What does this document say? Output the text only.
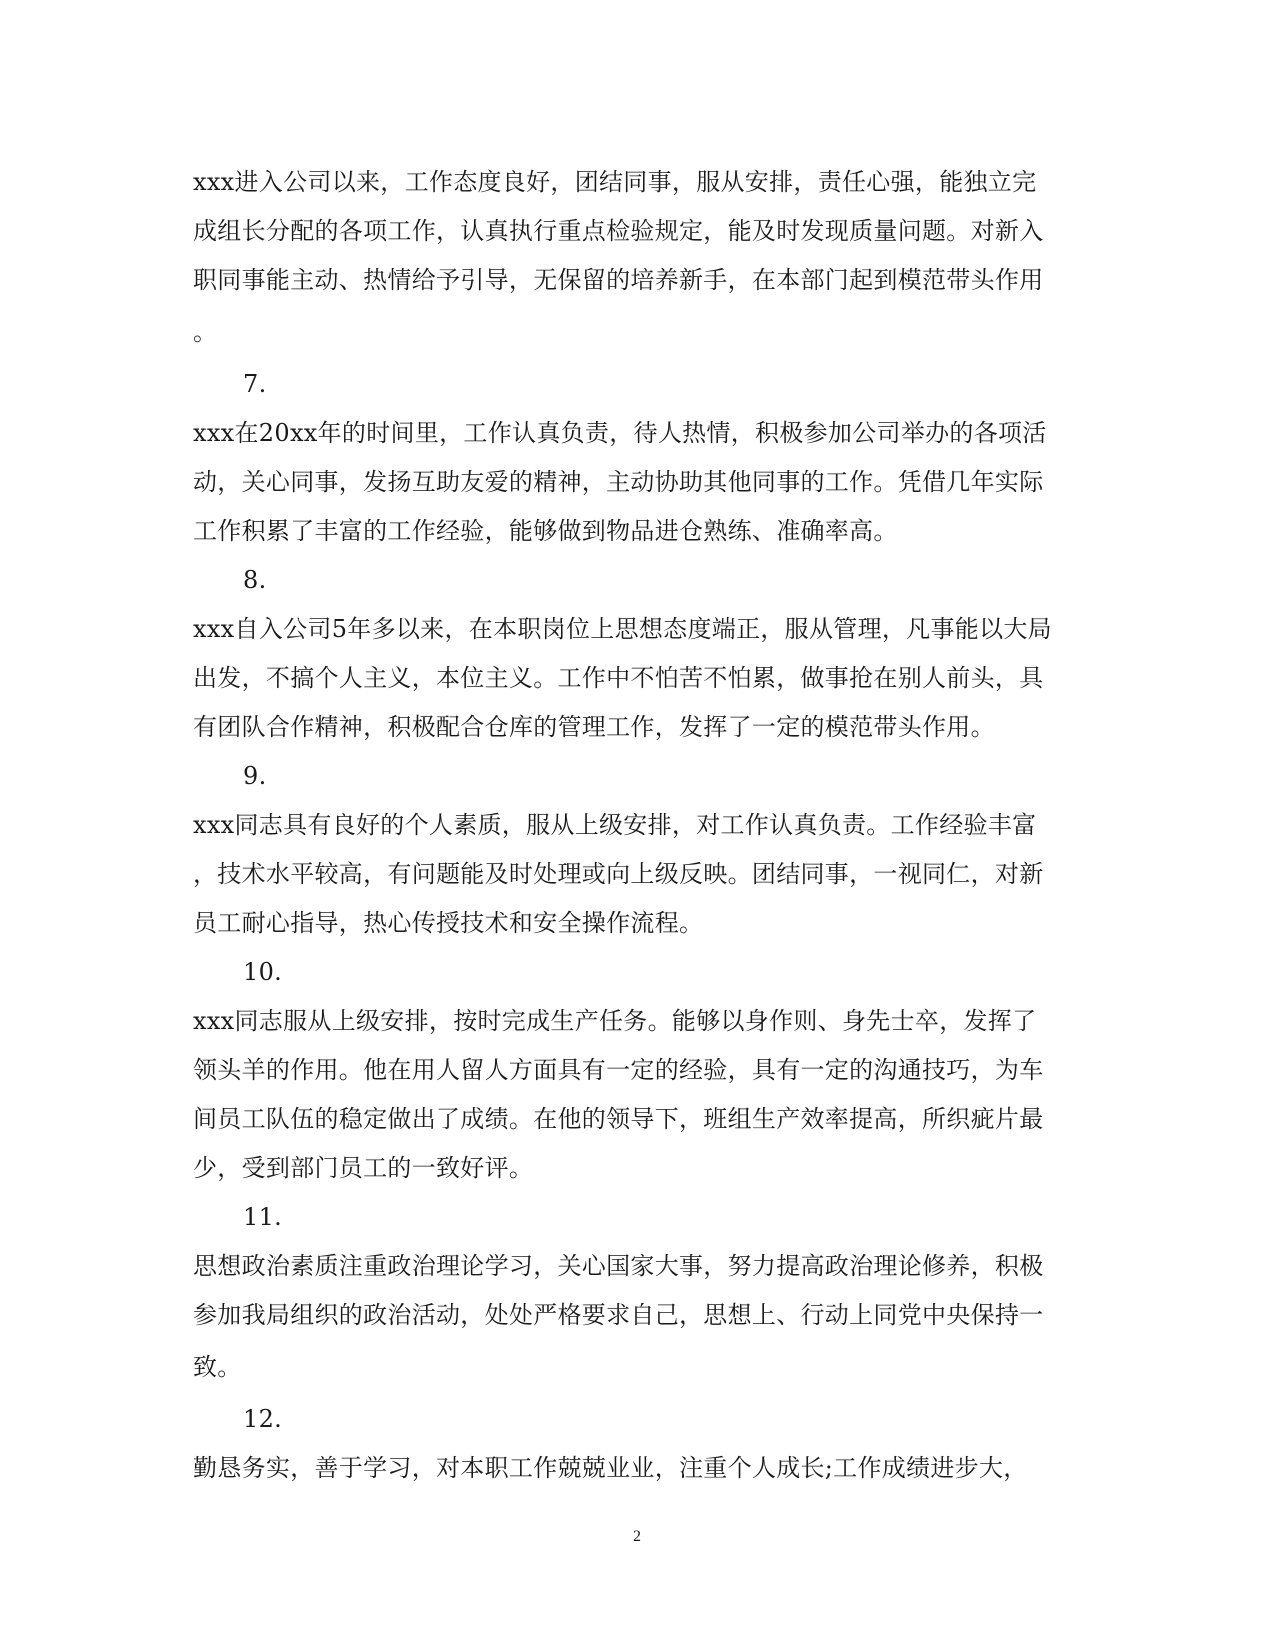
xxx进入公司以来，工作态度良好，团结同事，服从安排，责任心强，能独立完
成组长分配的各项工作，认真执行重点检验规定，能及时发现质量问题。对新入
职同事能主动、热情给予引导，无保留的培养新手，在本部门起到模范带头作用
。
7.
xxx在20xx年的时间里，工作认真负责，待人热情，积极参加公司举办的各项活
动，关心同事，发扬互助友爱的精神，主动协助其他同事的工作。凭借几年实际
工作积累了丰富的工作经验，能够做到物品进仓熟练、准确率高。
8.
xxx自入公司5年多以来，在本职岗位上思想态度端正，服从管理，凡事能以大局
出发，不搞个人主义，本位主义。工作中不怕苦不怕累，做事抢在别人前头，具
有团队合作精神，积极配合仓库的管理工作，发挥了一定的模范带头作用。
9.
xxx同志具有良好的个人素质，服从上级安排，对工作认真负责。工作经验丰富
，技术水平较高，有问题能及时处理或向上级反映。团结同事，一视同仁，对新
员工耐心指导，热心传授技术和安全操作流程。
10.
xxx同志服从上级安排，按时完成生产任务。能够以身作则、身先士卒，发挥了
领头羊的作用。他在用人留人方面具有一定的经验，具有一定的沟通技巧，为车
间员工队伍的稳定做出了成绩。在他的领导下，班组生产效率提高，所织疵片最
少，受到部门员工的一致好评。
11.
思想政治素质注重政治理论学习，关心国家大事，努力提高政治理论修养，积极
参加我局组织的政治活动，处处严格要求自己，思想上、行动上同党中央保持一
致。
12.
勤恳务实，善于学习，对本职工作兢兢业业，注重个人成长;工作成绩进步大，
2
